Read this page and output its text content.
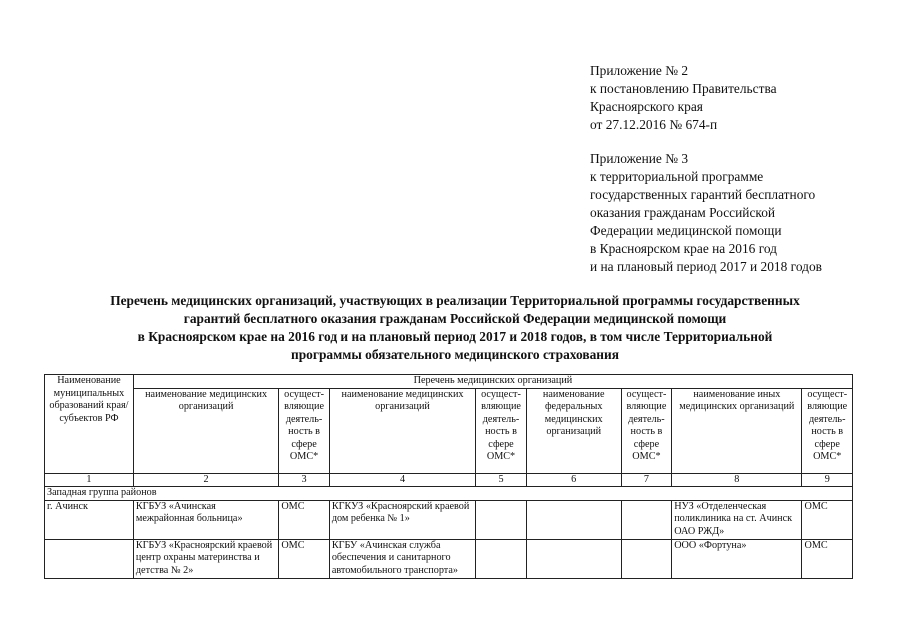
Приложение № 2
к постановлению Правительства
Красноярского края
от 27.12.2016 № 674-п
Приложение № 3
к территориальной программе
государственных гарантий бесплатного
оказания гражданам Российской
Федерации медицинской помощи
в Красноярском крае на 2016 год
и на плановый период 2017 и 2018 годов
Перечень медицинских организаций, участвующих в реализации Территориальной программы государственных
гарантий бесплатного оказания гражданам Российской Федерации медицинской помощи
в Красноярском крае на 2016 год и на плановый период 2017 и 2018 годов, в том числе Территориальной
программы обязательного медицинского страхования
Наименование муниципальных образований края/субъектов РФ	Перечень медицинских организаций							
	наименование медицинских организаций	осущест-вляющие деятель-ность в сфере ОМС*	наименование медицинских организаций	осущест-вляющие деятель-ность в сфере ОМС*	наименование федеральных медицинских организаций	осущест-вляющие деятель-ность в сфере ОМС*	наименование иных медицинских организаций	осущест-вляющие деятель-ность в сфере ОМС*
1	2	3	4	5	6	7	8	9
Западная группа районов								
г. Ачинск	КГБУЗ «Ачинская межрайонная больница»	ОМС	КГКУЗ «Красноярский краевой дом ребенка № 1»				НУЗ «Отделенческая поликлиника на ст. Ачинск ОАО РЖД»	ОМС
	КГБУЗ «Красноярский краевой центр охраны материнства и детства № 2»	ОМС	КГБУ «Ачинская служба обеспечения и санитарного автомобильного транспорта»				ООО «Фортуна»	ОМС
